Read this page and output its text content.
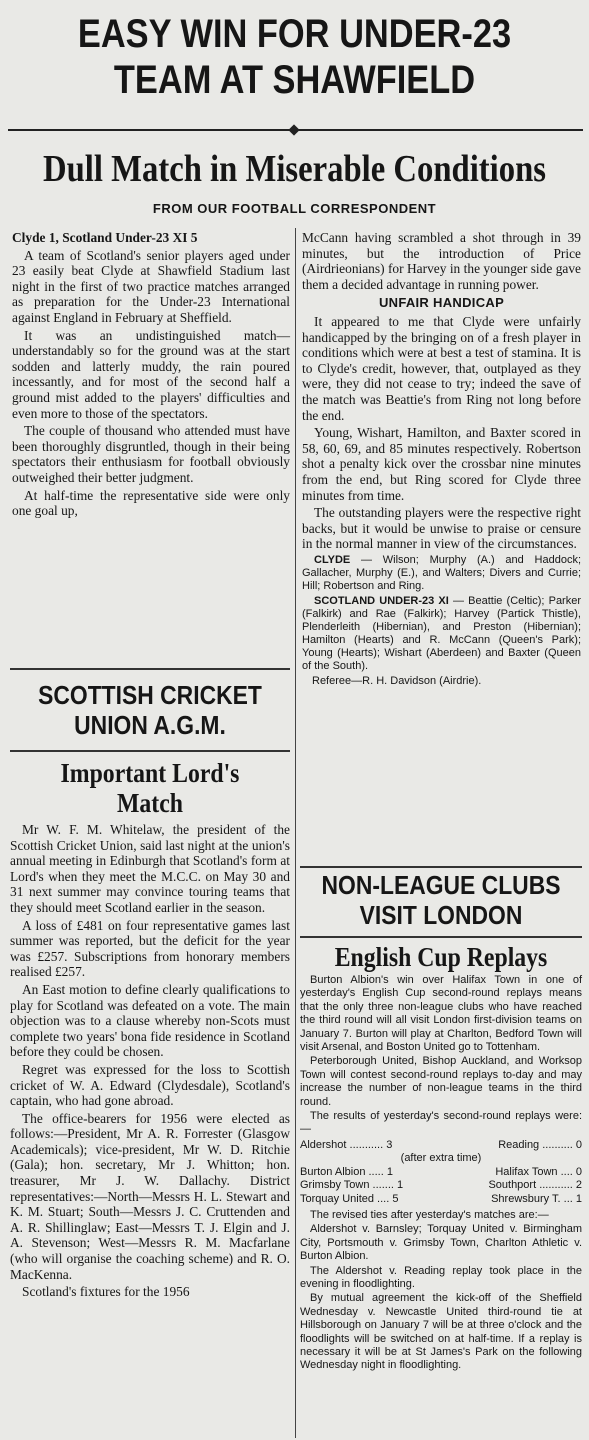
EASY WIN FOR UNDER-23
TEAM AT SHAWFIELD
Dull Match in Miserable Conditions
FROM OUR FOOTBALL CORRESPONDENT

Clyde 1, Scotland Under-23 XI 5

A team of Scotland's senior players aged under 23 easily beat Clyde at Shawfield Stadium last night in the first of two practice matches arranged as preparation for the Under-23 International against England in February at Sheffield.

It was an undistinguished match—understandably so for the ground was at the start sodden and latterly muddy, the rain poured incessantly, and for most of the second half a ground mist added to the players' difficulties and even more to those of the spectators.

The couple of thousand who attended must have been thoroughly disgruntled, though in their being spectators their enthusiasm for football obviously outweighed their better judgment.

At half-time the representative side were only one goal up,

SCOTTISH CRICKET
UNION A.G.M.
Important Lord's Match

Mr W. F. M. Whitelaw, the president of the Scottish Cricket Union, said last night at the union's annual meeting in Edinburgh that Scotland's form at Lord's when they meet the M.C.C. on May 30 and 31 next summer may convince touring teams that they should meet Scotland earlier in the season.

A loss of £481 on four representative games last summer was reported, but the deficit for the year was £257. Subscriptions from honorary members realised £257.

An East motion to define clearly qualifications to play for Scotland was defeated on a vote. The main objection was to a clause whereby non-Scots must complete two years' bona fide residence in Scotland before they could be chosen.

Regret was expressed for the loss to Scottish cricket of W. A. Edward (Clydesdale), Scotland's captain, who had gone abroad.

The office-bearers for 1956 were elected as follows:—President, Mr A. R. Forrester (Glasgow Academicals); vice-president, Mr W. D. Ritchie (Gala); hon. secretary, Mr J. Whitton; hon. treasurer, Mr J. W. Dallachy. District representatives:—North—Messrs H. L. Stewart and K. M. Stuart; South—Messrs J. C. Cruttenden and A. R. Shillinglaw; East—Messrs T. J. Elgin and J. A. Stevenson; West—Messrs R. M. Macfarlane (who will organise the coaching scheme) and R. O. MacKenna.

Scotland's fixtures for the 1956

McCann having scrambled a shot through in 39 minutes, but the introduction of Price (Airdrieonians) for Harvey in the younger side gave them a decided advantage in running power.

UNFAIR HANDICAP

It appeared to me that Clyde were unfairly handicapped by the bringing on of a fresh player in conditions which were at best a test of stamina. It is to Clyde's credit, however, that, outplayed as they were, they did not cease to try; indeed the save of the match was Beattie's from Ring not long before the end.

Young, Wishart, Hamilton, and Baxter scored in 58, 60, 69, and 85 minutes respectively. Robertson shot a penalty kick over the crossbar nine minutes from the end, but Ring scored for Clyde three minutes from time.

The outstanding players were the respective right backs, but it would be unwise to praise or censure in the normal manner in view of the circumstances.

CLYDE — Wilson; Murphy (A.) and Haddock; Gallacher, Murphy (E.), and Walters; Divers and Currie; Hill; Robertson and Ring.

SCOTLAND UNDER-23 XI — Beattie (Celtic); Parker (Falkirk) and Rae (Falkirk); Harvey (Partick Thistle), Plenderleith (Hibernian), and Preston (Hibernian); Hamilton (Hearts) and R. McCann (Queen's Park); Young (Hearts); Wishart (Aberdeen) and Baxter (Queen of the South).

Referee—R. H. Davidson (Airdrie).

NON-LEAGUE CLUBS
VISIT LONDON
English Cup Replays

Burton Albion's win over Halifax Town in one of yesterday's English Cup second-round replays means that the only three non-league clubs who have reached the third round will all visit London first-division teams on January 7. Burton will play at Charlton, Bedford Town will visit Arsenal, and Boston United go to Tottenham.

Peterborough United, Bishop Auckland, and Worksop Town will contest second-round replays to-day and may increase the number of non-league teams in the third round.

The results of yesterday's second-round replays were:—

Aldershot ........... 3	Reading .......... 0
(after extra time)
Burton Albion ..... 1	Halifax Town .... 0
Grimsby Town ....... 1	Southport ........... 2
Torquay United .... 5	Shrewsbury T. ... 1

The revised ties after yesterday's matches are:—

Aldershot v. Barnsley; Torquay United v. Birmingham City, Portsmouth v. Grimsby Town, Charlton Athletic v. Burton Albion.

The Aldershot v. Reading replay took place in the evening in floodlighting.

By mutual agreement the kick-off of the Sheffield Wednesday v. Newcastle United third-round tie at Hillsborough on January 7 will be at three o'clock and the floodlights will be switched on at half-time. If a replay is necessary it will be at St James's Park on the following Wednesday night in floodlighting.
